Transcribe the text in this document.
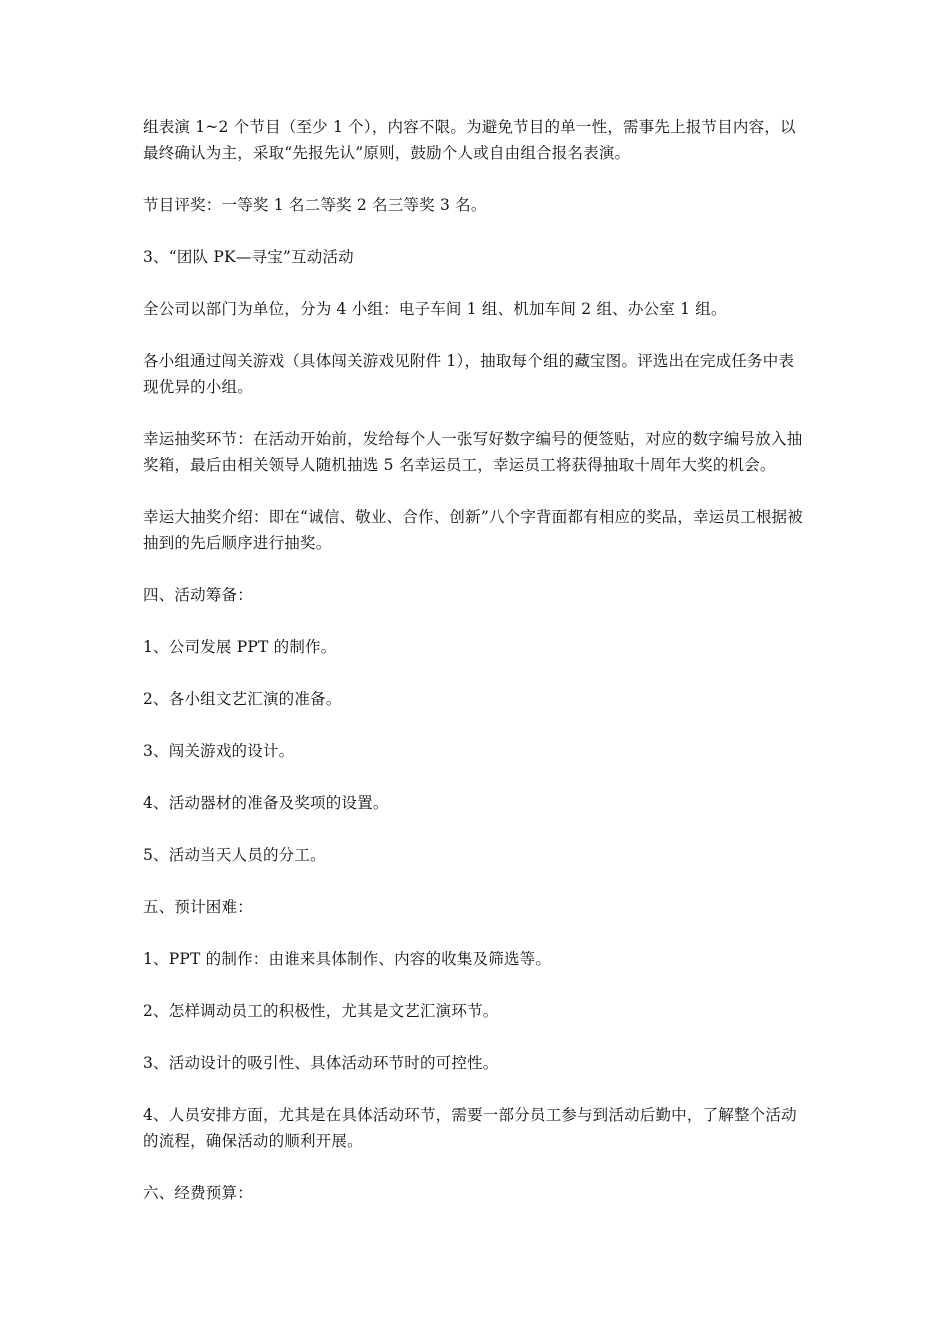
组表演 1~2 个节目（至少 1 个），内容不限。为避免节目的单一性，需事先上报节目内容，以最终确认为主，采取“先报先认”原则，鼓励个人或自由组合报名表演。

节目评奖：一等奖 1 名二等奖 2 名三等奖 3 名。

3、“团队 PK—寻宝”互动活动

全公司以部门为单位，分为 4 小组：电子车间 1 组、机加车间 2 组、办公室 1 组。

各小组通过闯关游戏（具体闯关游戏见附件 1），抽取每个组的藏宝图。评选出在完成任务中表现优异的小组。

幸运抽奖环节：在活动开始前，发给每个人一张写好数字编号的便签贴，对应的数字编号放入抽奖箱，最后由相关领导人随机抽选 5 名幸运员工，幸运员工将获得抽取十周年大奖的机会。

幸运大抽奖介绍：即在“诚信、敬业、合作、创新”八个字背面都有相应的奖品，幸运员工根据被抽到的先后顺序进行抽奖。

四、活动筹备：

1、公司发展 PPT 的制作。

2、各小组文艺汇演的准备。

3、闯关游戏的设计。

4、活动器材的准备及奖项的设置。

5、活动当天人员的分工。

五、预计困难：

1、PPT 的制作：由谁来具体制作、内容的收集及筛选等。

2、怎样调动员工的积极性，尤其是文艺汇演环节。

3、活动设计的吸引性、具体活动环节时的可控性。

4、人员安排方面，尤其是在具体活动环节，需要一部分员工参与到活动后勤中，了解整个活动的流程，确保活动的顺利开展。

六、经费预算：
